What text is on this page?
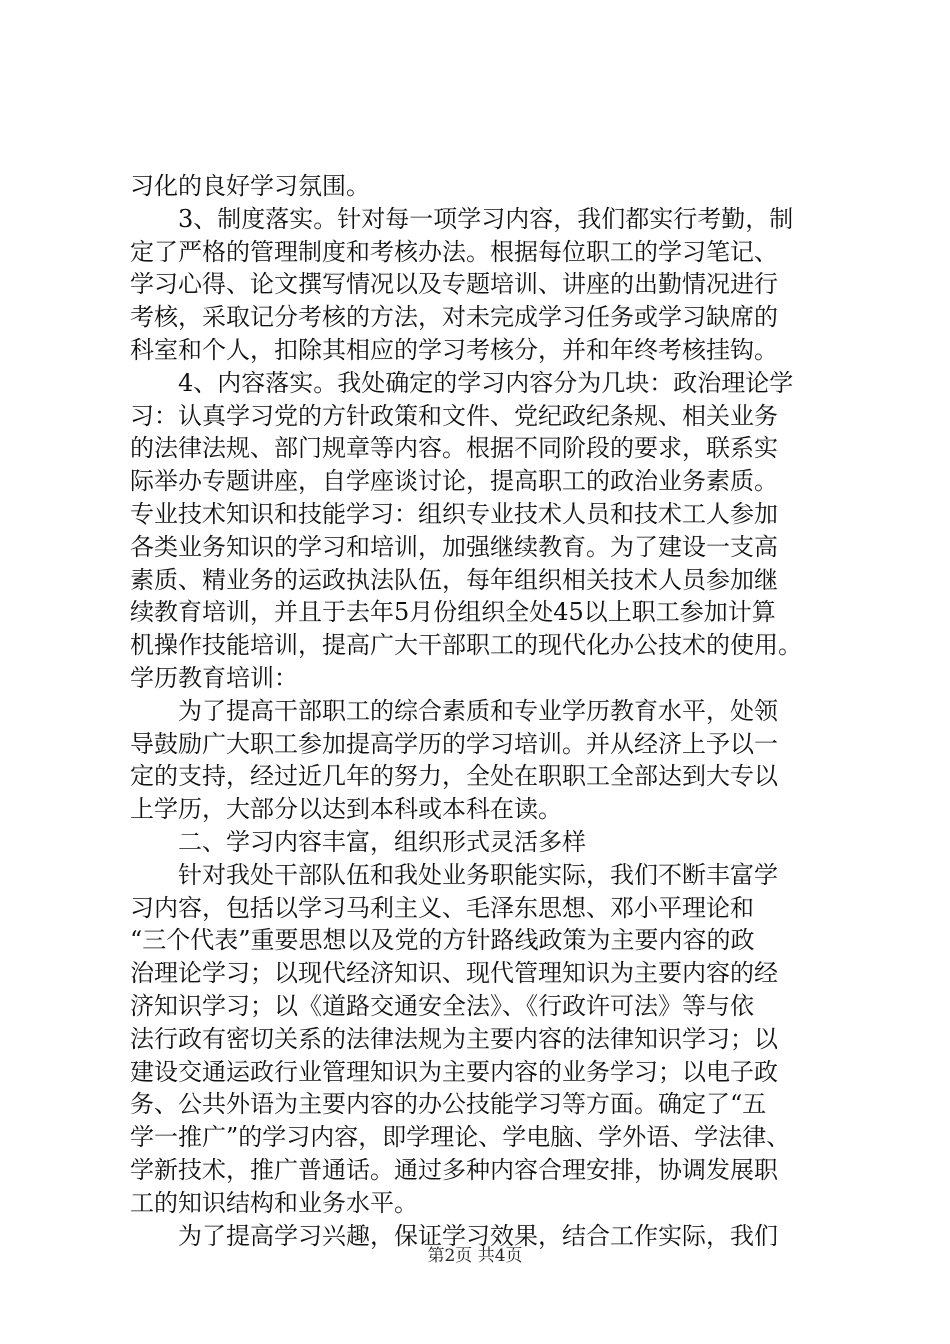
习化的良好学习氛围。
　　3、制度落实。针对每一项学习内容，我们都实行考勤，制
定了严格的管理制度和考核办法。根据每位职工的学习笔记、
学习心得、论文撰写情况以及专题培训、讲座的出勤情况进行
考核，采取记分考核的方法，对未完成学习任务或学习缺席的
科室和个人，扣除其相应的学习考核分，并和年终考核挂钩。
　　4、内容落实。我处确定的学习内容分为几块：政治理论学
习：认真学习党的方针政策和文件、党纪政纪条规、相关业务
的法律法规、部门规章等内容。根据不同阶段的要求，联系实
际举办专题讲座，自学座谈讨论，提高职工的政治业务素质。
专业技术知识和技能学习：组织专业技术人员和技术工人参加
各类业务知识的学习和培训，加强继续教育。为了建设一支高
素质、精业务的运政执法队伍，每年组织相关技术人员参加继
续教育培训，并且于去年5月份组织全处45以上职工参加计算
机操作技能培训，提高广大干部职工的现代化办公技术的使用。
学历教育培训：
　　为了提高干部职工的综合素质和专业学历教育水平，处领
导鼓励广大职工参加提高学历的学习培训。并从经济上予以一
定的支持，经过近几年的努力，全处在职职工全部达到大专以
上学历，大部分以达到本科或本科在读。
　　二、学习内容丰富，组织形式灵活多样
　　针对我处干部队伍和我处业务职能实际，我们不断丰富学
习内容，包括以学习马利主义、毛泽东思想、邓小平理论和
“三个代表”重要思想以及党的方针路线政策为主要内容的政
治理论学习；以现代经济知识、现代管理知识为主要内容的经
济知识学习；以《道路交通安全法》、《行政许可法》等与依
法行政有密切关系的法律法规为主要内容的法律知识学习；以
建设交通运政行业管理知识为主要内容的业务学习；以电子政
务、公共外语为主要内容的办公技能学习等方面。确定了“五
学一推广”的学习内容，即学理论、学电脑、学外语、学法律、
学新技术，推广普通话。通过多种内容合理安排，协调发展职
工的知识结构和业务水平。
　　为了提高学习兴趣，保证学习效果，结合工作实际，我们
第2页 共4页
